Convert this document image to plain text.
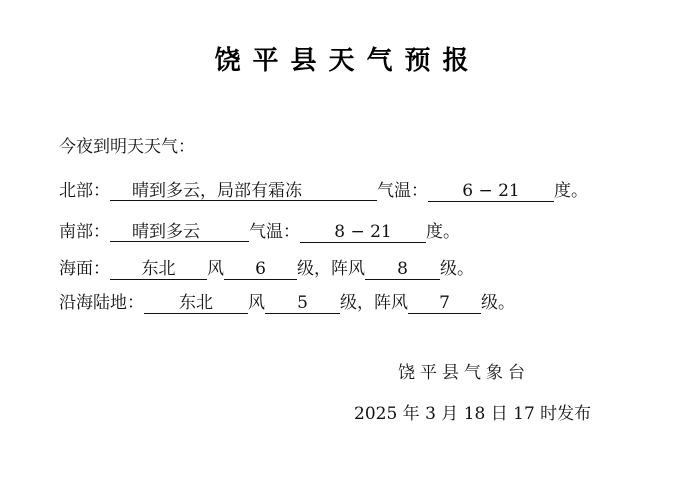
饶平县天气预报
今夜到明天天气：
北部： 晴到多云，局部有霜冻	气温： 6 − 21 度。
南部： 晴到多云	气温： 8 − 21 度。
海面： 东北 风 6 级，阵风 8 级。
沿海陆地： 东北 风 5 级，阵风 7 级。
饶平县气象台
2025 年 3 月 18 日 17 时发布
